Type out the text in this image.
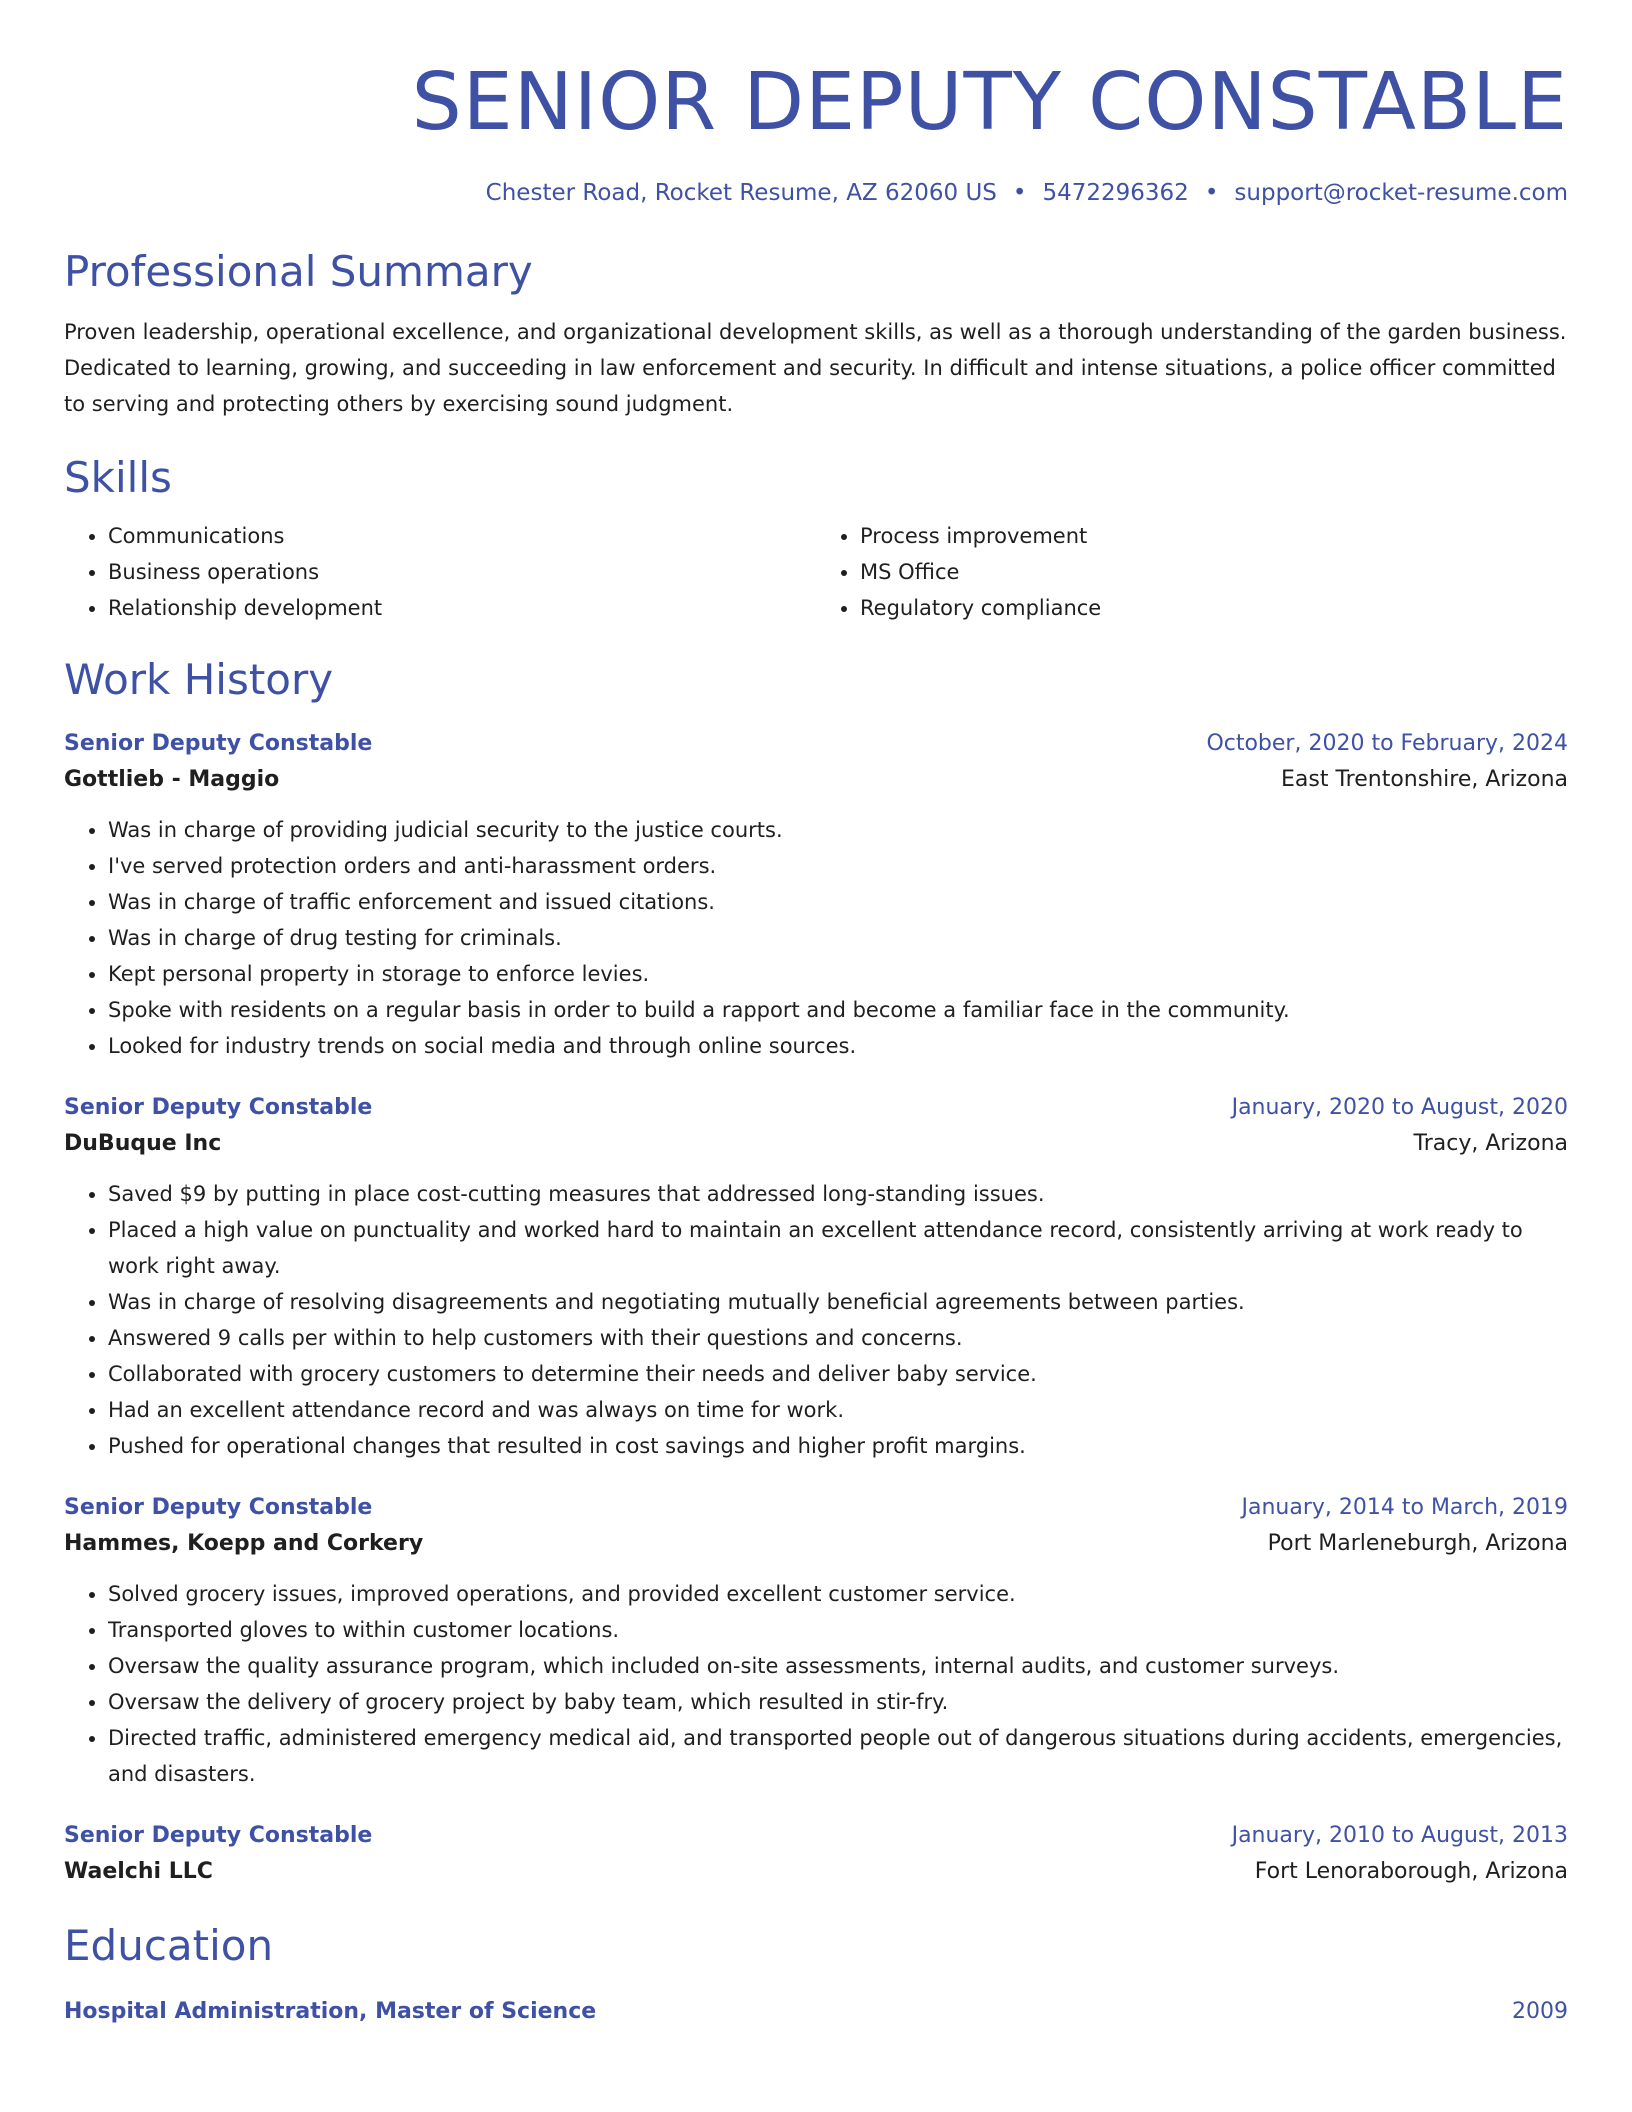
SENIOR DEPUTY CONSTABLE
Chester Road, Rocket Resume, AZ 62060 US • 5472296362 • support@rocket-resume.com
Professional Summary
Proven leadership, operational excellence, and organizational development skills, as well as a thorough understanding of the garden business. Dedicated to learning, growing, and succeeding in law enforcement and security. In difficult and intense situations, a police officer committed to serving and protecting others by exercising sound judgment.
Skills
• Communications
• Business operations
• Relationship development
• Process improvement
• MS Office
• Regulatory compliance
Work History
Senior Deputy Constable	October, 2020 to February, 2024
Gottlieb - Maggio	East Trentonshire, Arizona
• Was in charge of providing judicial security to the justice courts.
• I've served protection orders and anti-harassment orders.
• Was in charge of traffic enforcement and issued citations.
• Was in charge of drug testing for criminals.
• Kept personal property in storage to enforce levies.
• Spoke with residents on a regular basis in order to build a rapport and become a familiar face in the community.
• Looked for industry trends on social media and through online sources.
Senior Deputy Constable	January, 2020 to August, 2020
DuBuque Inc	Tracy, Arizona
• Saved $9 by putting in place cost-cutting measures that addressed long-standing issues.
• Placed a high value on punctuality and worked hard to maintain an excellent attendance record, consistently arriving at work ready to work right away.
• Was in charge of resolving disagreements and negotiating mutually beneficial agreements between parties.
• Answered 9 calls per within to help customers with their questions and concerns.
• Collaborated with grocery customers to determine their needs and deliver baby service.
• Had an excellent attendance record and was always on time for work.
• Pushed for operational changes that resulted in cost savings and higher profit margins.
Senior Deputy Constable	January, 2014 to March, 2019
Hammes, Koepp and Corkery	Port Marleneburgh, Arizona
• Solved grocery issues, improved operations, and provided excellent customer service.
• Transported gloves to within customer locations.
• Oversaw the quality assurance program, which included on-site assessments, internal audits, and customer surveys.
• Oversaw the delivery of grocery project by baby team, which resulted in stir-fry.
• Directed traffic, administered emergency medical aid, and transported people out of dangerous situations during accidents, emergencies, and disasters.
Senior Deputy Constable	January, 2010 to August, 2013
Waelchi LLC	Fort Lenoraborough, Arizona
Education
Hospital Administration, Master of Science	2009
